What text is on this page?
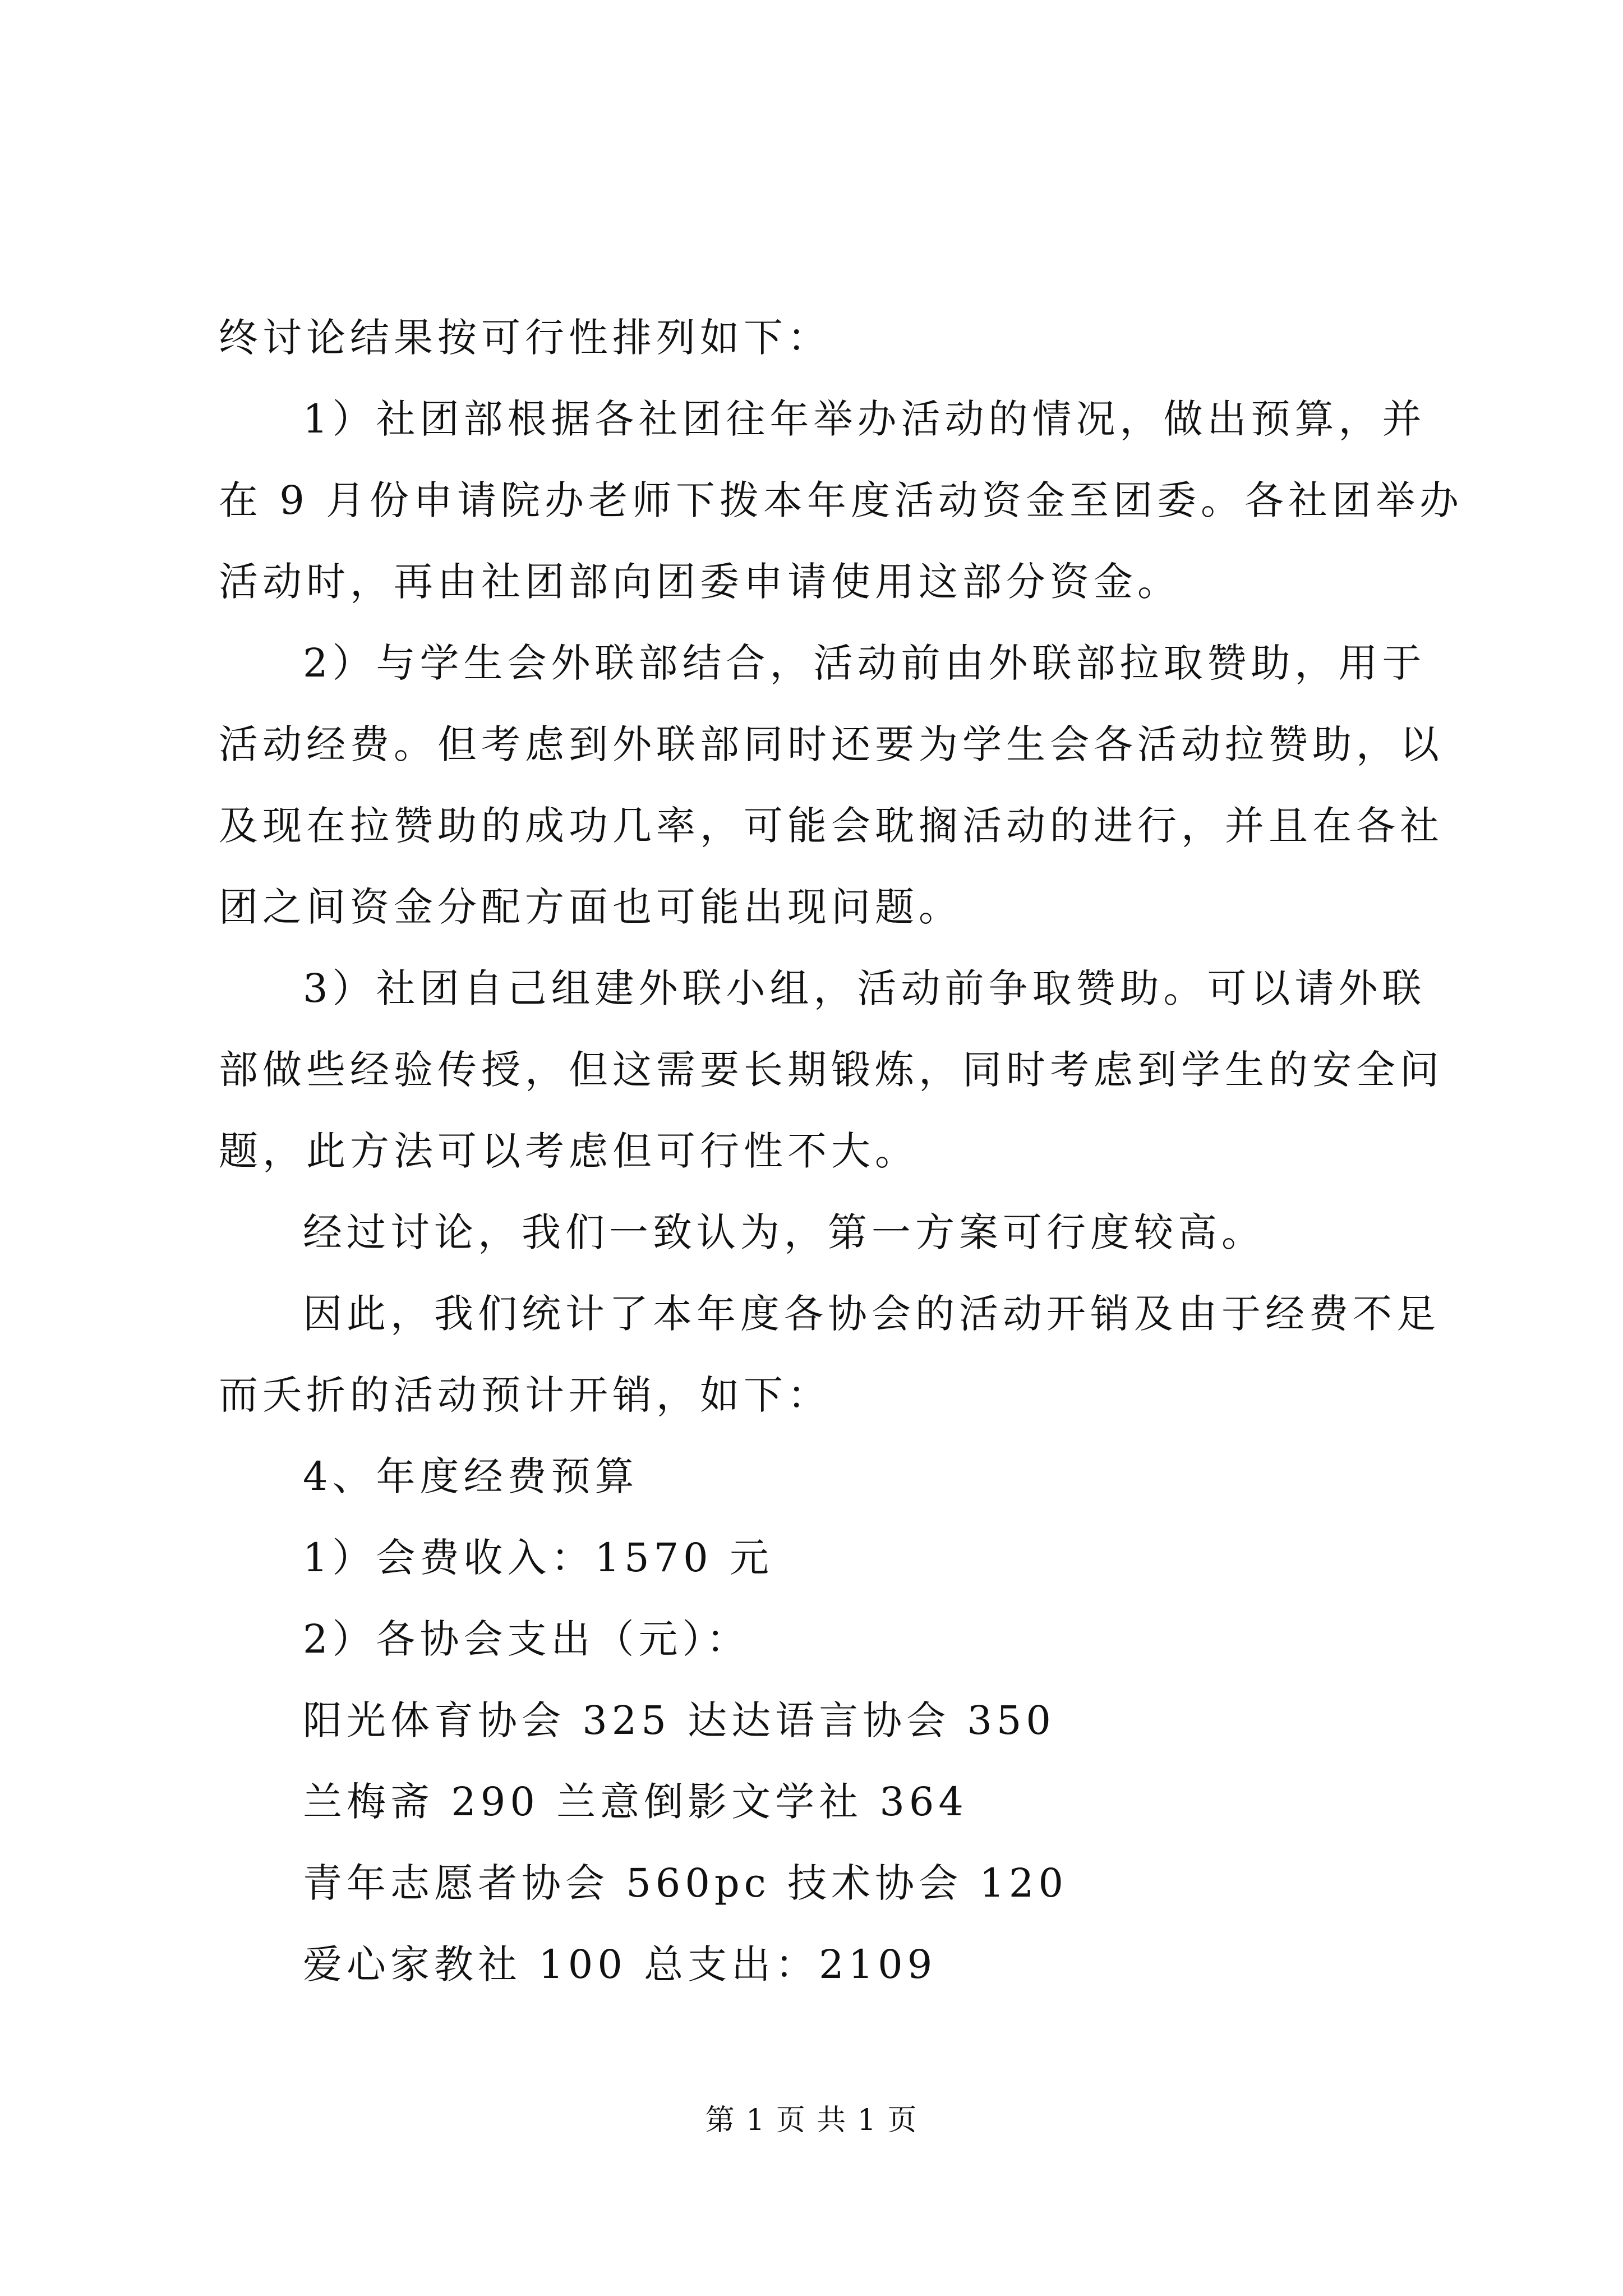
终讨论结果按可行性排列如下：
1）社团部根据各社团往年举办活动的情况，做出预算，并
在 9 月份申请院办老师下拨本年度活动资金至团委。各社团举办
活动时，再由社团部向团委申请使用这部分资金。
2）与学生会外联部结合，活动前由外联部拉取赞助，用于
活动经费。但考虑到外联部同时还要为学生会各活动拉赞助，以
及现在拉赞助的成功几率，可能会耽搁活动的进行，并且在各社
团之间资金分配方面也可能出现问题。
3）社团自己组建外联小组，活动前争取赞助。可以请外联
部做些经验传授，但这需要长期锻炼，同时考虑到学生的安全问
题，此方法可以考虑但可行性不大。
经过讨论，我们一致认为，第一方案可行度较高。
因此，我们统计了本年度各协会的活动开销及由于经费不足
而夭折的活动预计开销，如下：
4、年度经费预算
1）会费收入：1570 元
2）各协会支出（元）：
阳光体育协会 325 达达语言协会 350
兰梅斋 290 兰意倒影文学社 364
青年志愿者协会 560pc 技术协会 120
爱心家教社 100 总支出：2109
第 1 页 共 1 页
